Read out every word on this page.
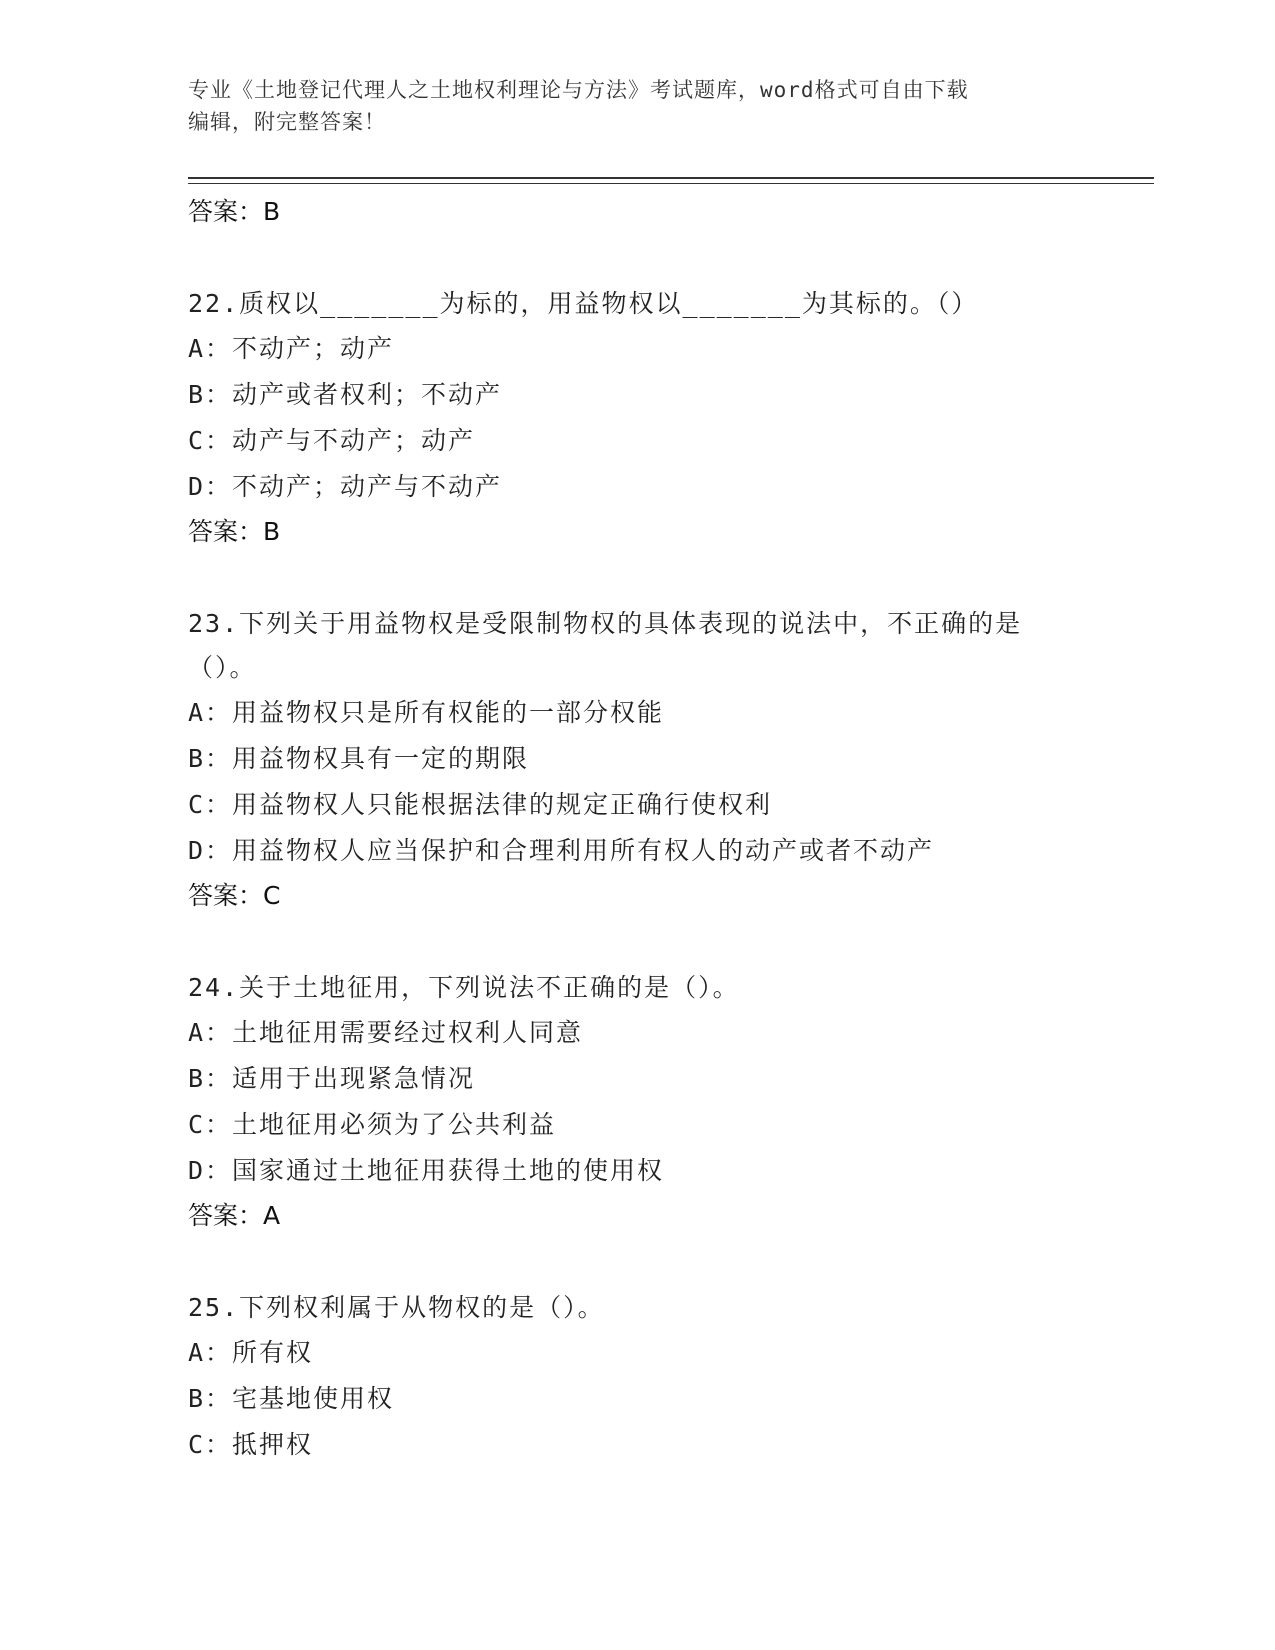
专业《土地登记代理人之土地权利理论与方法》考试题库，word格式可自由下载
编辑，附完整答案！
答案：B
22.质权以_______为标的，用益物权以_______为其标的。（）
A：不动产；动产
B：动产或者权利；不动产
C：动产与不动产；动产
D：不动产；动产与不动产
答案：B
23.下列关于用益物权是受限制物权的具体表现的说法中，不正确的是（）。
A：用益物权只是所有权能的一部分权能
B：用益物权具有一定的期限
C：用益物权人只能根据法律的规定正确行使权利
D：用益物权人应当保护和合理利用所有权人的动产或者不动产
答案：C
24.关于土地征用，下列说法不正确的是（）。
A：土地征用需要经过权利人同意
B：适用于出现紧急情况
C：土地征用必须为了公共利益
D：国家通过土地征用获得土地的使用权
答案：A
25.下列权利属于从物权的是（）。
A：所有权
B：宅基地使用权
C：抵押权
